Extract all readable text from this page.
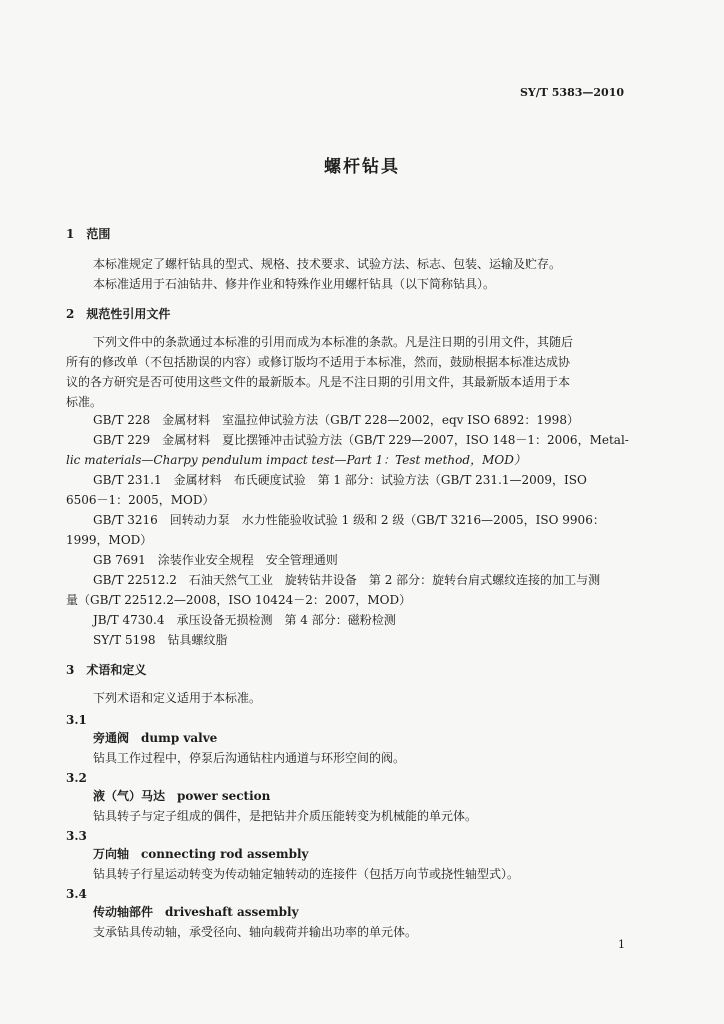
SY/T 5383—2010
螺杆钻具
1　范围
本标准规定了螺杆钻具的型式、规格、技术要求、试验方法、标志、包装、运输及贮存。
本标准适用于石油钻井、修井作业和特殊作业用螺杆钻具（以下简称钻具）。
2　规范性引用文件
下列文件中的条款通过本标准的引用而成为本标准的条款。凡是注日期的引用文件，其随后
所有的修改单（不包括勘误的内容）或修订版均不适用于本标准，然而，鼓励根据本标准达成协
议的各方研究是否可使用这些文件的最新版本。凡是不注日期的引用文件，其最新版本适用于本
标准。
GB/T 228　金属材料　室温拉伸试验方法（GB/T 228—2002，eqv ISO 6892：1998）
GB/T 229　金属材料　夏比摆锤冲击试验方法（GB/T 229—2007，ISO 148－1：2006，Metal-
lic materials—Charpy pendulum impact test—Part 1：Test method，MOD）
GB/T 231.1　金属材料　布氏硬度试验　第 1 部分：试验方法（GB/T 231.1—2009，ISO
6506－1：2005，MOD）
GB/T 3216　回转动力泵　水力性能验收试验 1 级和 2 级（GB/T 3216—2005，ISO 9906：
1999，MOD）
GB 7691　涂装作业安全规程　安全管理通则
GB/T 22512.2　石油天然气工业　旋转钻井设备　第 2 部分：旋转台肩式螺纹连接的加工与测
量（GB/T 22512.2—2008，ISO 10424－2：2007，MOD）
JB/T 4730.4　承压设备无损检测　第 4 部分：磁粉检测
SY/T 5198　钻具螺纹脂
3　术语和定义
下列术语和定义适用于本标准。
3.1
旁通阀　dump valve
钻具工作过程中，停泵后沟通钻柱内通道与环形空间的阀。
3.2
液（气）马达　power section
钻具转子与定子组成的偶件，是把钻井介质压能转变为机械能的单元体。
3.3
万向轴　connecting rod assembly
钻具转子行星运动转变为传动轴定轴转动的连接件（包括万向节或挠性轴型式）。
3.4
传动轴部件　driveshaft assembly
支承钻具传动轴，承受径向、轴向载荷并输出功率的单元体。
1
